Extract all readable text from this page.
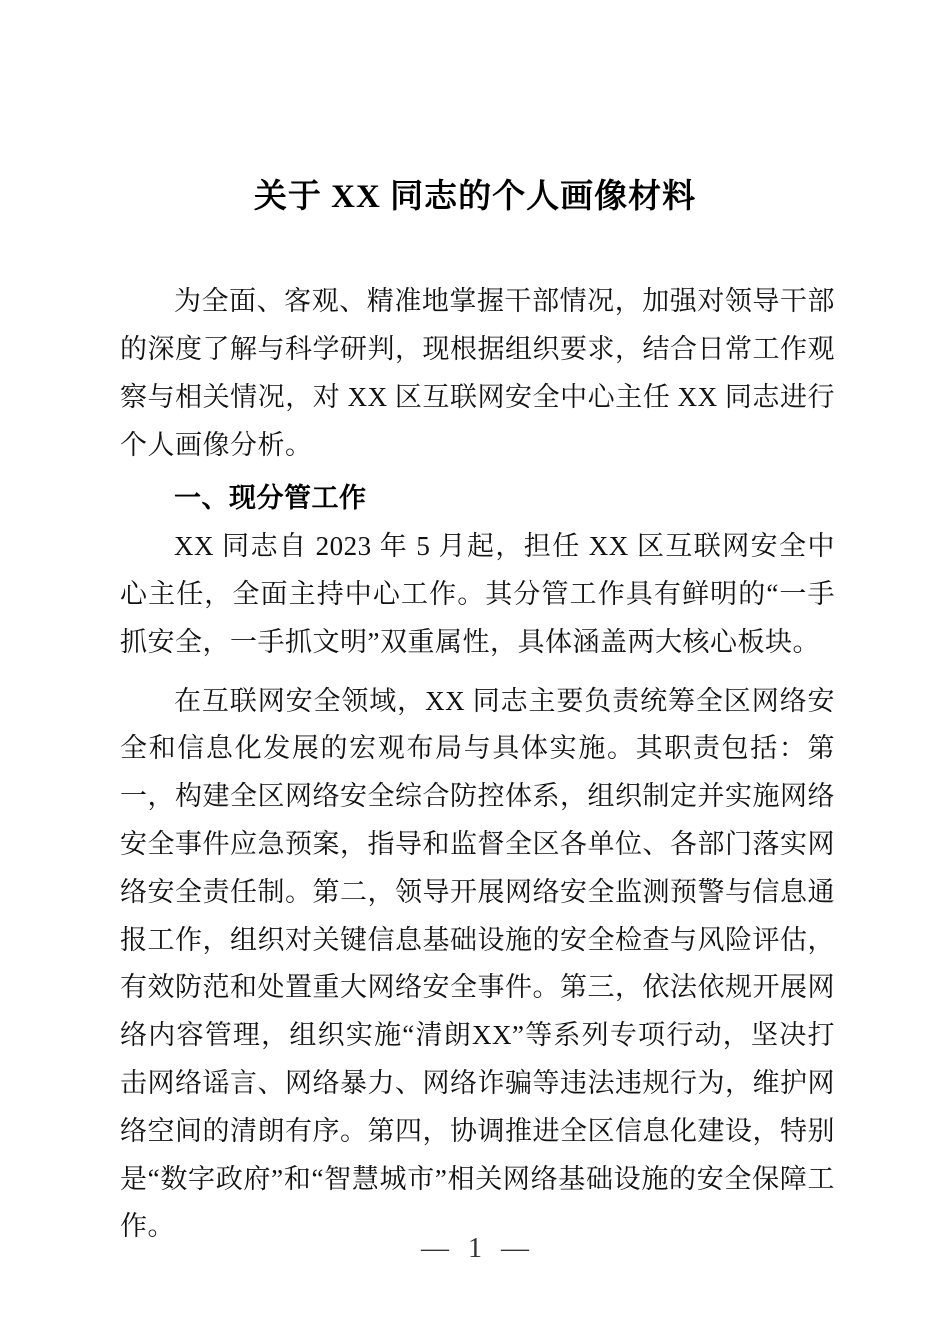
关于 XX 同志的个人画像材料

为全面、客观、精准地掌握干部情况，加强对领导干部的深度了解与科学研判，现根据组织要求，结合日常工作观察与相关情况，对 XX 区互联网安全中心主任 XX 同志进行个人画像分析。

一、现分管工作

XX 同志自 2023 年 5 月起，担任 XX 区互联网安全中心主任，全面主持中心工作。其分管工作具有鲜明的“一手抓安全，一手抓文明”双重属性，具体涵盖两大核心板块。

在互联网安全领域，XX 同志主要负责统筹全区网络安全和信息化发展的宏观布局与具体实施。其职责包括：第一，构建全区网络安全综合防控体系，组织制定并实施网络安全事件应急预案，指导和监督全区各单位、各部门落实网络安全责任制。第二，领导开展网络安全监测预警与信息通报工作，组织对关键信息基础设施的安全检查与风险评估，有效防范和处置重大网络安全事件。第三，依法依规开展网络内容管理，组织实施“清朗XX”等系列专项行动，坚决打击网络谣言、网络暴力、网络诈骗等违法违规行为，维护网络空间的清朗有序。第四，协调推进全区信息化建设，特别是“数字政府”和“智慧城市”相关网络基础设施的安全保障工作。

— 1 —
